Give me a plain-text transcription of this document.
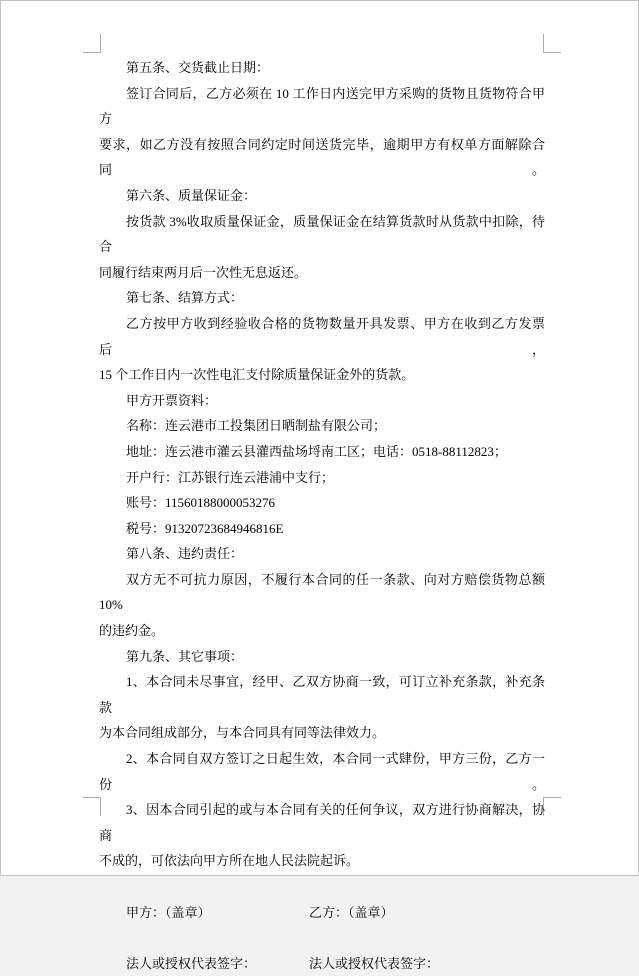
第五条、交货截止日期：
签订合同后，乙方必须在 10 工作日内送完甲方采购的货物且货物符合甲方
要求，如乙方没有按照合同约定时间送货完毕，逾期甲方有权单方面解除合同。
第六条、质量保证金：
按货款 3%收取质量保证金，质量保证金在结算货款时从货款中扣除，待合
同履行结束两月后一次性无息返还。
第七条、结算方式：
乙方按甲方收到经验收合格的货物数量开具发票、甲方在收到乙方发票后，
15 个工作日内一次性电汇支付除质量保证金外的货款。
甲方开票资料：
名称：连云港市工投集团日晒制盐有限公司；
地址：连云港市灌云县灌西盐场埒南工区；电话：0518-88112823；
开户行：江苏银行连云港浦中支行；
账号：11560188000053276
税号：91320723684946816E
第八条、违约责任：
双方无不可抗力原因，不履行本合同的任一条款、向对方赔偿货物总额 10%
的违约金。
第九条、其它事项：
1、本合同未尽事宜，经甲、乙双方协商一致，可订立补充条款，补充条款
为本合同组成部分，与本合同具有同等法律效力。
2、本合同自双方签订之日起生效，本合同一式肆份，甲方三份，乙方一份。
3、因本合同引起的或与本合同有关的任何争议，双方进行协商解决，协商
不成的，可依法向甲方所在地人民法院起诉。

甲方：（盖章）	乙方：（盖章）

法人或授权代表签字：	法人或授权代表签字：
